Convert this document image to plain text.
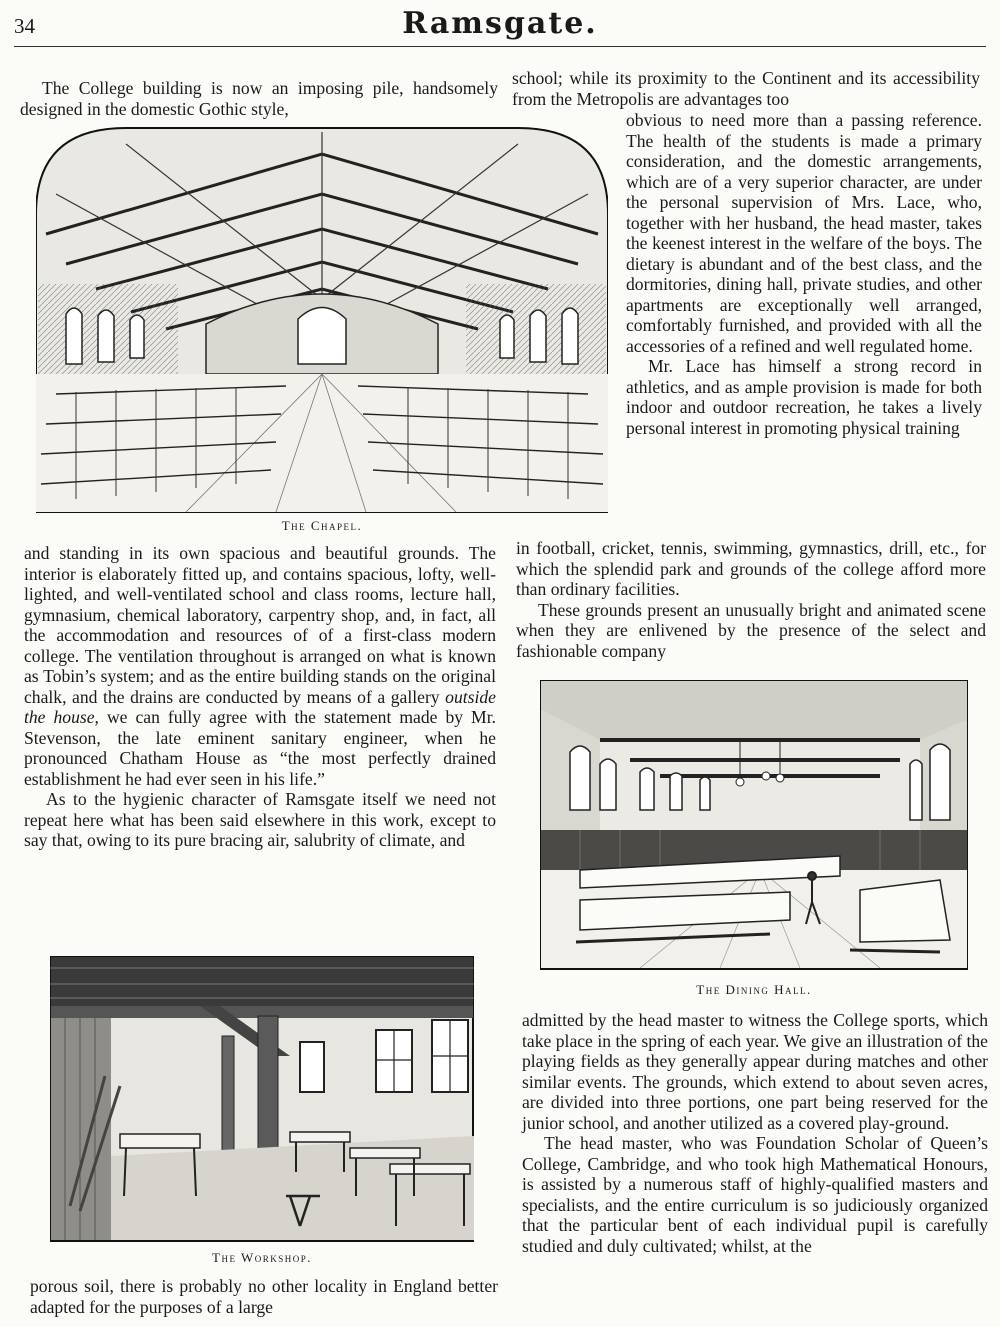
34	Ramsgate.

The College building is now an imposing pile, handsomely designed in the domestic Gothic style,

The Chapel.

and standing in its own spacious and beautiful grounds. The interior is elaborately fitted up, and contains spacious, lofty, well-lighted, and well-ventilated school and class rooms, lecture hall, gymnasium, chemical laboratory, carpentry shop, and, in fact, all the accommodation and resources of of a first-class modern college. The ventilation throughout is arranged on what is known as Tobin’s system; and as the entire building stands on the original chalk, and the drains are conducted by means of a gallery outside the house, we can fully agree with the statement made by Mr. Stevenson, the late eminent sanitary engineer, when he pronounced Chatham House as “the most perfectly drained establishment he had ever seen in his life.”

As to the hygienic character of Ramsgate itself we need not repeat here what has been said elsewhere in this work, except to say that, owing to its pure bracing air, salubrity of climate, and

The Workshop.

porous soil, there is probably no other locality in England better adapted for the purposes of a large

school; while its proximity to the Continent and its accessibility from the Metropolis are advantages too

obvious to need more than a passing reference. The health of the students is made a primary consideration, and the domestic arrangements, which are of a very superior character, are under the personal supervision of Mrs. Lace, who, together with her husband, the head master, takes the keenest interest in the welfare of the boys. The dietary is abundant and of the best class, and the dormitories, dining hall, private studies, and other apartments are exceptionally well arranged, comfortably furnished, and provided with all the accessories of a refined and well regulated home.

Mr. Lace has himself a strong record in athletics, and as ample provision is made for both indoor and outdoor recreation, he takes a lively personal interest in promoting physical training

in football, cricket, tennis, swimming, gymnastics, drill, etc., for which the splendid park and grounds of the college afford more than ordinary facilities.

These grounds present an unusually bright and animated scene when they are enlivened by the presence of the select and fashionable company

The Dining Hall.

admitted by the head master to witness the College sports, which take place in the spring of each year. We give an illustration of the playing fields as they generally appear during matches and other similar events. The grounds, which extend to about seven acres, are divided into three portions, one part being reserved for the junior school, and another utilized as a covered play-ground.

The head master, who was Foundation Scholar of Queen’s College, Cambridge, and who took high Mathematical Honours, is assisted by a numerous staff of highly-qualified masters and specialists, and the entire curriculum is so judiciously organized that the particular bent of each individual pupil is carefully studied and duly cultivated; whilst, at the
